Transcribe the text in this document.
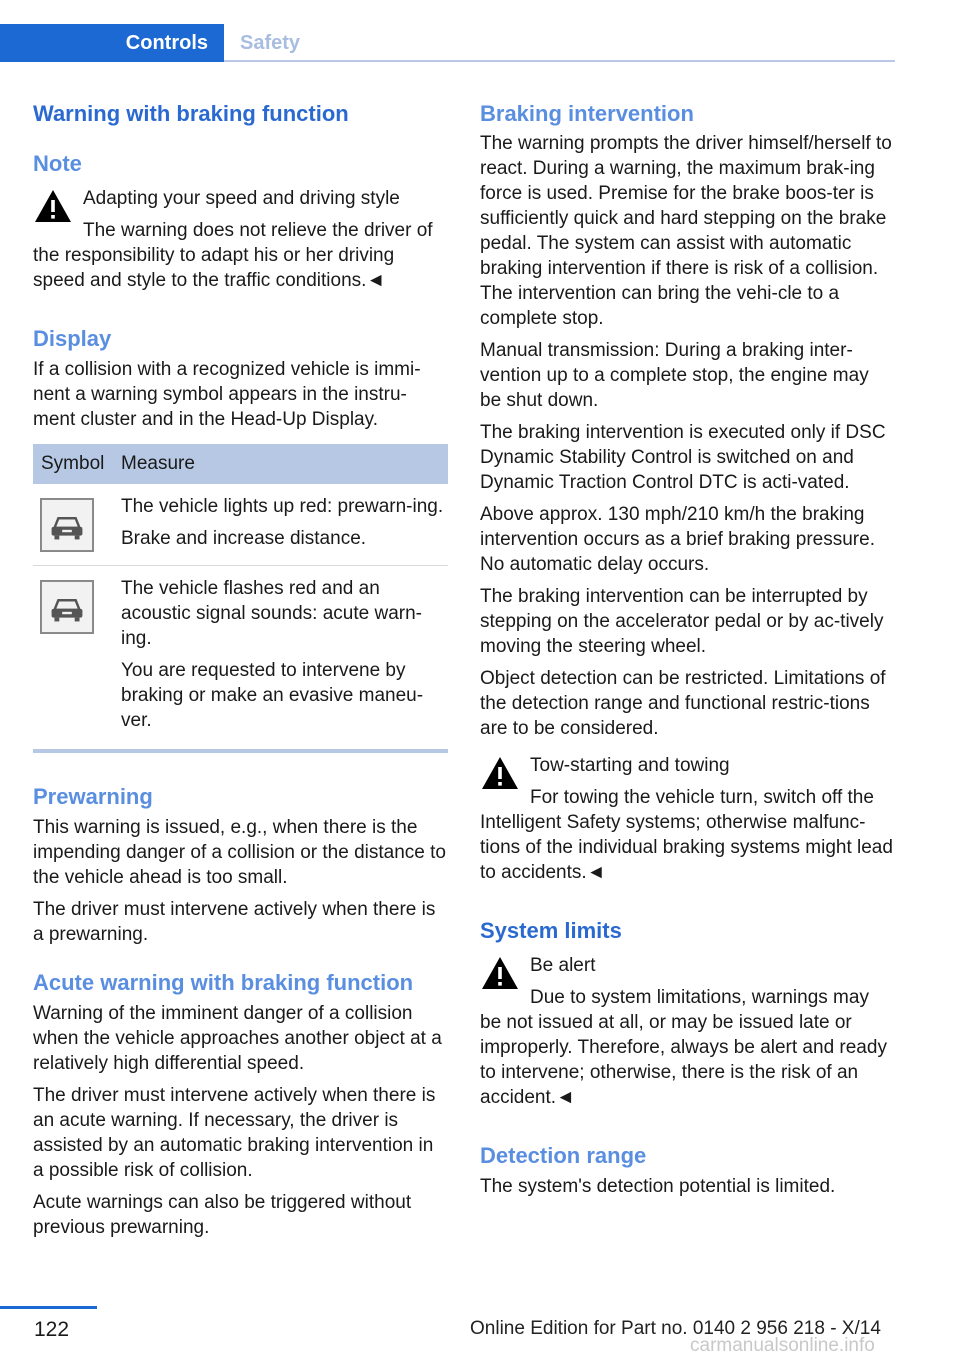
Controls	Safety
Warning with braking function
Note
Adapting your speed and driving style
The warning does not relieve the driver of the responsibility to adapt his or her driving speed and style to the traffic conditions.◄
Display

If a collision with a recognized vehicle is immi‐nent a warning symbol appears in the instru‐ment cluster and in the Head-Up Display.

Symbol Measure

The vehicle lights up red: prewarn‐ing.

Brake and increase distance.

The vehicle flashes red and an acoustic signal sounds: acute warn‐ing.

You are requested to intervene by braking or make an evasive maneu‐ver.

Prewarning

This warning is issued, e.g., when there is the impending danger of a collision or the distance to the vehicle ahead is too small.

The driver must intervene actively when there is a prewarning.

Acute warning with braking function

Warning of the imminent danger of a collision when the vehicle approaches another object at a relatively high differential speed.

The driver must intervene actively when there is an acute warning. If necessary, the driver is assisted by an automatic braking intervention in a possible risk of collision.

Acute warnings can also be triggered without previous prewarning.

Braking intervention

The warning prompts the driver himself/herself to react. During a warning, the maximum brak‐ing force is used. Premise for the brake boos‐ter is sufficiently quick and hard stepping on the brake pedal. The system can assist with automatic braking intervention if there is risk of a collision. The intervention can bring the vehi‐cle to a complete stop.

Manual transmission: During a braking inter‐vention up to a complete stop, the engine may be shut down.

The braking intervention is executed only if DSC Dynamic Stability Control is switched on and Dynamic Traction Control DTC is acti‐vated.

Above approx. 130 mph/210 km/h the braking intervention occurs as a brief braking pressure. No automatic delay occurs.

The braking intervention can be interrupted by stepping on the accelerator pedal or by ac‐tively moving the steering wheel.

Object detection can be restricted. Limitations of the detection range and functional restric‐tions are to be considered.

Tow-starting and towing
For towing the vehicle turn, switch off the Intelligent Safety systems; otherwise malfunc‐tions of the individual braking systems might lead to accidents.◄
System limits
Be alert
Due to system limitations, warnings may be not issued at all, or may be issued late or improperly. Therefore, always be alert and ready to intervene; otherwise, there is the risk of an accident.◄
Detection range

The system's detection potential is limited.

122	Online Edition for Part no. 0140 2 956 218 - X/14
carmanualsonline.info
